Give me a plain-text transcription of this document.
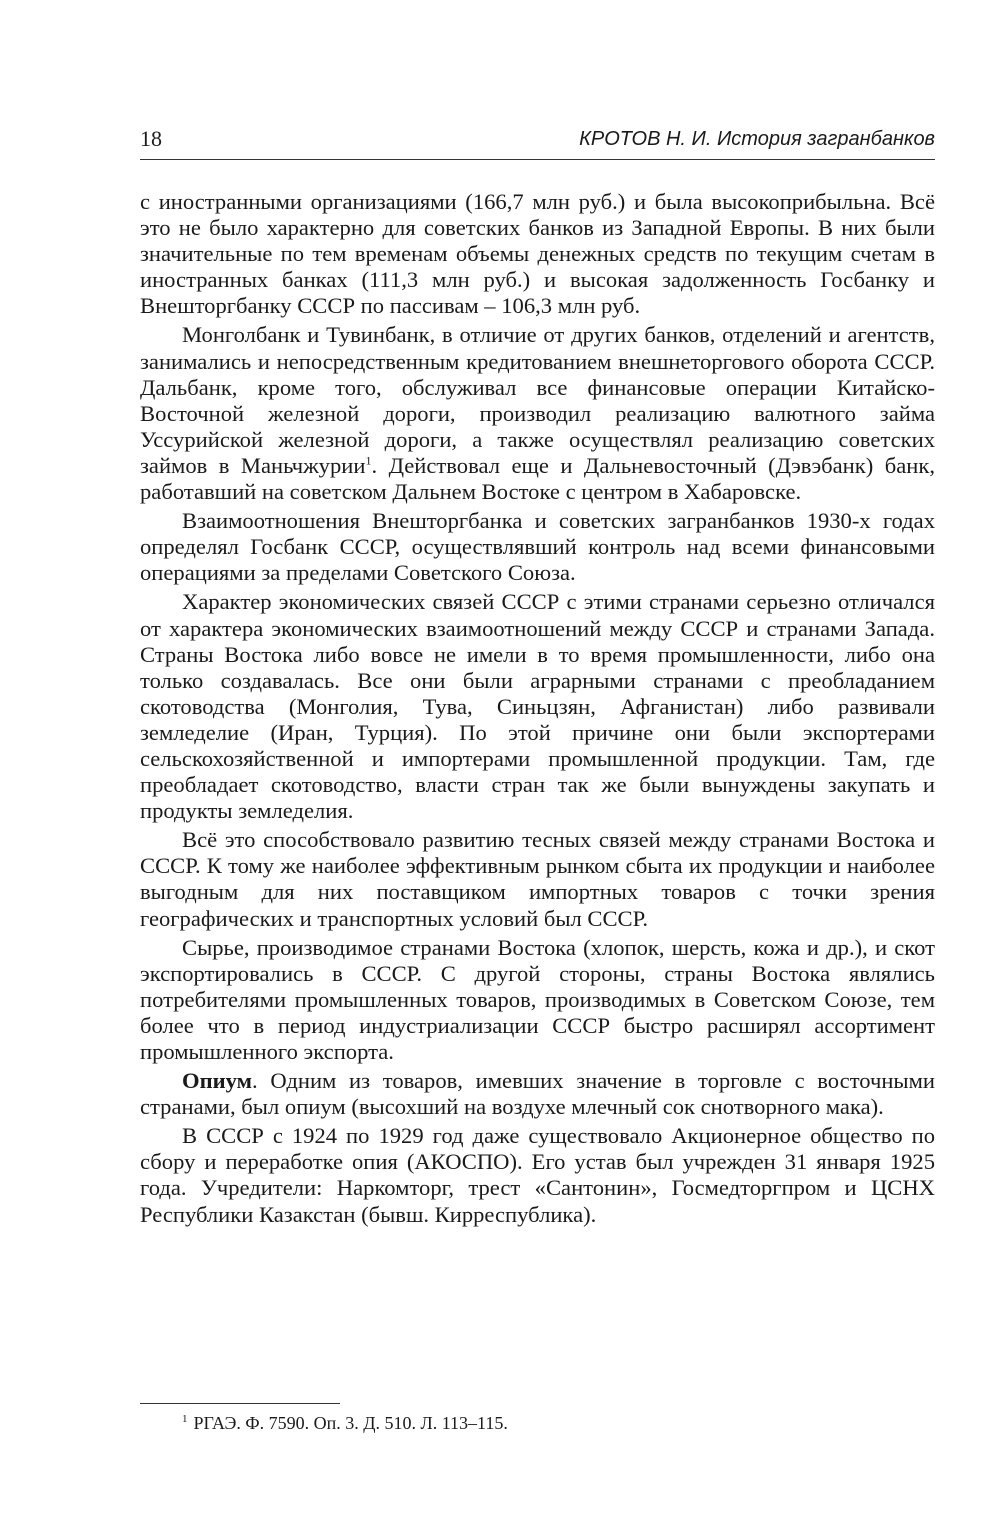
18	КРОТОВ Н. И. История загранбанков

с иностранными организациями (166,7 млн руб.) и была высокоприбыльна. Всё это не было характерно для советских банков из Западной Европы. В них были значительные по тем временам объемы денежных средств по текущим счетам в иностранных банках (111,3 млн руб.) и высокая задолженность Госбанку и Внешторгбанку СССР по пассивам – 106,3 млн руб.

Монголбанк и Тувинбанк, в отличие от других банков, отделений и агентств, занимались и непосредственным кредитованием внешнеторгового оборота СССР. Дальбанк, кроме того, обслуживал все финансовые операции Китайско-Восточной железной дороги, производил реализацию валютного займа Уссурийской железной дороги, а также осуществлял реализацию советских займов в Маньчжурии$^1$. Действовал еще и Дальневосточный (Дэвэбанк) банк, работавший на советском Дальнем Востоке с центром в Хабаровске.

Взаимоотношения Внешторгбанка и советских загранбанков 1930-х годах определял Госбанк СССР, осуществлявший контроль над всеми финансовыми операциями за пределами Советского Союза.

Характер экономических связей СССР с этими странами серьезно отличался от характера экономических взаимоотношений между СССР и странами Запада. Страны Востока либо вовсе не имели в то время промышленности, либо она только создавалась. Все они были аграрными странами с преобладанием скотоводства (Монголия, Тува, Синьцзян, Афганистан) либо развивали земледелие (Иран, Турция). По этой причине они были экспортерами сельскохозяйственной и импортерами промышленной продукции. Там, где преобладает скотоводство, власти стран так же были вынуждены закупать и продукты земледелия.

Всё это способствовало развитию тесных связей между странами Востока и СССР. К тому же наиболее эффективным рынком сбыта их продукции и наиболее выгодным для них поставщиком импортных товаров с точки зрения географических и транспортных условий был СССР.

Сырье, производимое странами Востока (хлопок, шерсть, кожа и др.), и скот экспортировались в СССР. С другой стороны, страны Востока являлись потребителями промышленных товаров, производимых в Советском Союзе, тем более что в период индустриализации СССР быстро расширял ассортимент промышленного экспорта.

Опиум. Одним из товаров, имевших значение в торговле с восточными странами, был опиум (высохший на воздухе млечный сок снотворного мака).

В СССР с 1924 по 1929 год даже существовало Акционерное общество по сбору и переработке опия (АКОСПО). Его устав был учрежден 31 января 1925 года. Учредители: Наркомторг, трест «Сантонин», Госмедторгпром и ЦСНХ Республики Казакстан (бывш. Кирреспублика).

$^1$ РГАЭ. Ф. 7590. Оп. 3. Д. 510. Л. 113–115.
